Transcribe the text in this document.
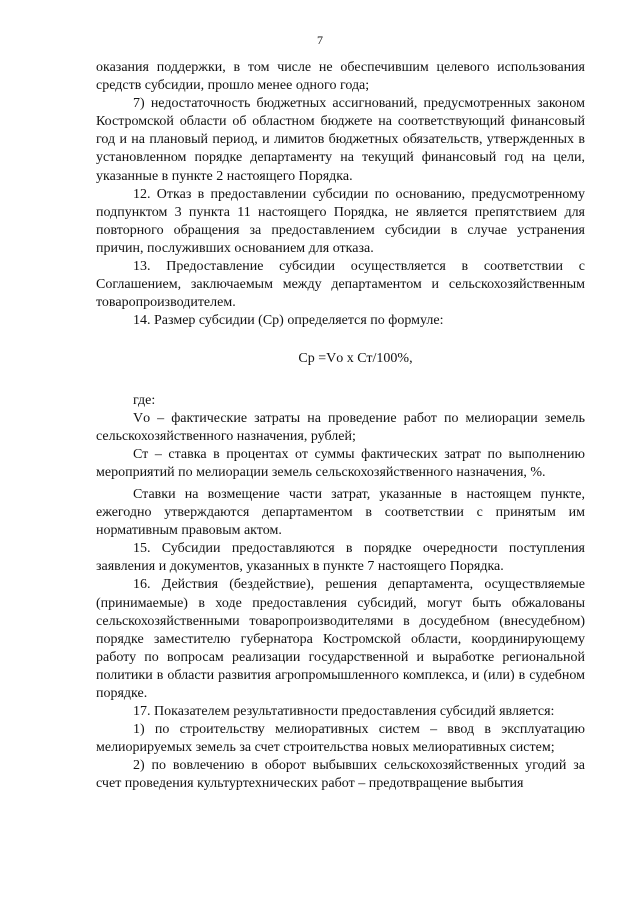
7

оказания поддержки, в том числе не обеспечившим целевого использования средств субсидии, прошло менее одного года;

7) недостаточность бюджетных ассигнований, предусмотренных законом Костромской области об областном бюджете на соответствующий финансовый год и на плановый период, и лимитов бюджетных обязательств, утвержденных в установленном порядке департаменту на текущий финансовый год на цели, указанные в пункте 2 настоящего Порядка.

12. Отказ в предоставлении субсидии по основанию, предусмотренному подпунктом 3 пункта 11 настоящего Порядка, не является препятствием для повторного обращения за предоставлением субсидии в случае устранения причин, послуживших основанием для отказа.

13. Предоставление субсидии осуществляется в соответствии с Соглашением, заключаемым между департаментом и сельскохозяйственным товаропроизводителем.

14. Размер субсидии (Ср) определяется по формуле:

Ср =Vо х Ст/100%,

где:

Vо – фактические затраты на проведение работ по мелиорации земель сельскохозяйственного назначения, рублей;

Ст – ставка в процентах от суммы фактических затрат по выполнению мероприятий по мелиорации земель сельскохозяйственного назначения, %.

Ставки на возмещение части затрат, указанные в настоящем пункте, ежегодно утверждаются департаментом в соответствии с принятым им нормативным правовым актом.

15. Субсидии предоставляются в порядке очередности поступления заявления и документов, указанных в пункте 7 настоящего Порядка.

16. Действия (бездействие), решения департамента, осуществляемые (принимаемые) в ходе предоставления субсидий, могут быть обжалованы сельскохозяйственными товаропроизводителями в досудебном (внесудебном) порядке заместителю губернатора Костромской области, координирующему работу по вопросам реализации государственной и выработке региональной политики в области развития агропромышленного комплекса, и (или) в судебном порядке.

17. Показателем результативности предоставления субсидий является:

1) по строительству мелиоративных систем – ввод в эксплуатацию мелиорируемых земель за счет строительства новых мелиоративных систем;

2) по вовлечению в оборот выбывших сельскохозяйственных угодий за счет проведения культуртехнических работ – предотвращение выбытия
